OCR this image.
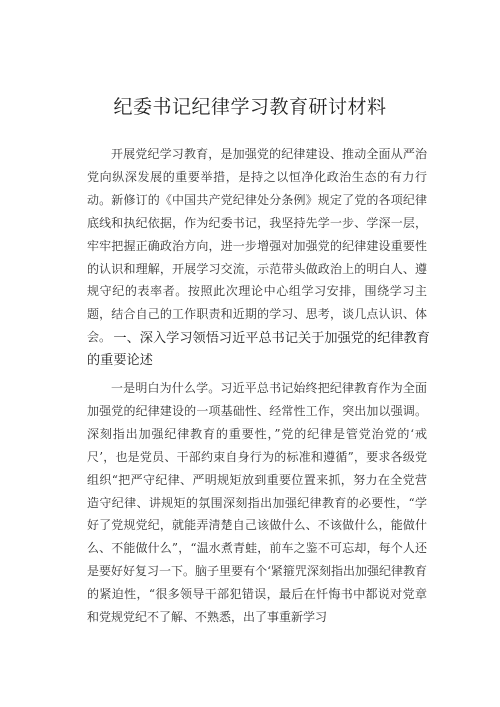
纪委书记纪律学习教育研讨材料

开展党纪学习教育，是加强党的纪律建设、推动全面从严治党向纵深发展的重要举措，是持之以恒净化政治生态的有力行动。新修订的《中国共产党纪律处分条例》规定了党的各项纪律底线和执纪依据，作为纪委书记，我坚持先学一步、学深一层，牢牢把握正确政治方向，进一步增强对加强党的纪律建设重要性的认识和理解，开展学习交流，示范带头做政治上的明白人、遵规守纪的表率者。按照此次理论中心组学习安排，围绕学习主题，结合自己的工作职责和近期的学习、思考，谈几点认识、体会。 一、深入学习领悟习近平总书记关于加强党的纪律教育的重要论述

一是明白为什么学。习近平总书记始终把纪律教育作为全面加强党的纪律建设的一项基础性、经常性工作，突出加以强调。深刻指出加强纪律教育的重要性，”党的纪律是管党治党的‘戒尺’，也是党员、干部约束自身行为的标准和遵循”，要求各级党组织“把严守纪律、严明规矩放到重要位置来抓，努力在全党营造守纪律、讲规矩的氛围深刻指出加强纪律教育的必要性，“学好了党规党纪，就能弄清楚自己该做什么、不该做什么，能做什么、不能做什么”，“温水煮青蛙，前车之鉴不可忘却，每个人还是要好好复习一下。脑子里要有个‘紧箍咒深刻指出加强纪律教育的紧迫性，“很多领导干部犯错误，最后在忏悔书中都说对党章和党规党纪不了解、不熟悉，出了事重新学习
